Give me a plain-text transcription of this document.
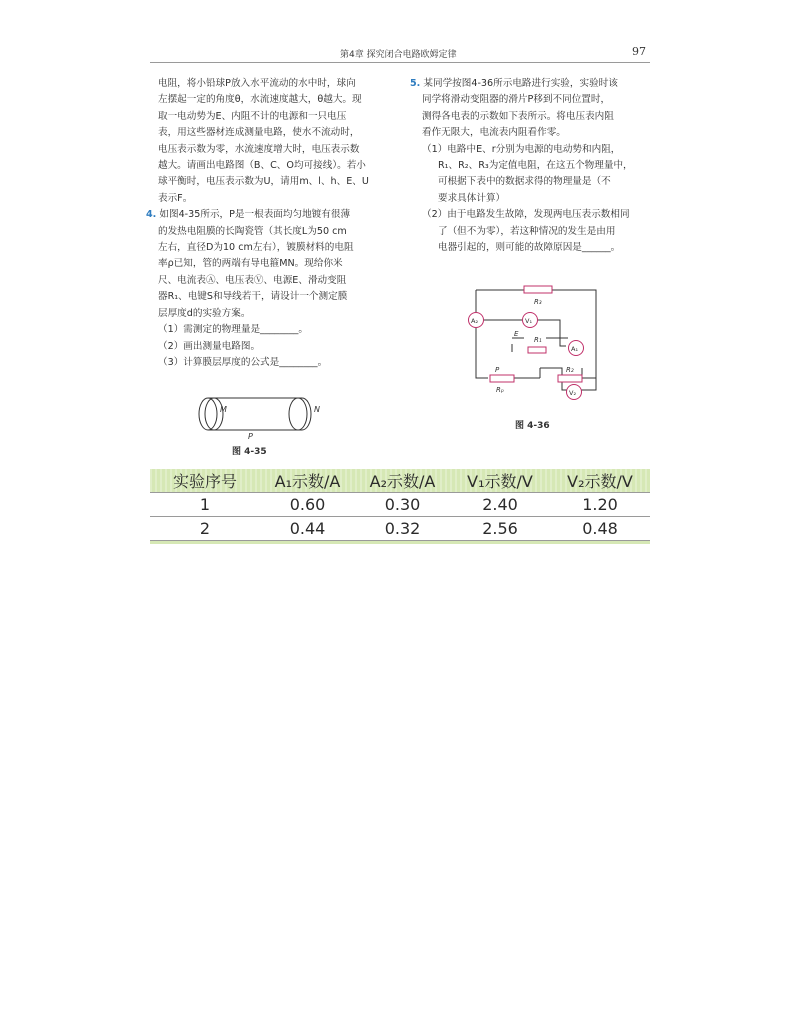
第4章 探究闭合电路欧姆定律	97

电阻，将小铅球P放入水平流动的水中时，球向

左摆起一定的角度θ，水流速度越大，θ越大。现

取一电动势为E、内阻不计的电源和一只电压

表，用这些器材连成测量电路，使水不流动时，

电压表示数为零，水流速度增大时，电压表示数

越大。请画出电路图（B、C、O均可接线）。若小

球平衡时，电压表示数为U，请用m、l、h、E、U

表示F。

4. 如图4-35所示，P是一根表面均匀地镀有很薄

的发热电阻膜的长陶瓷管（其长度L为50 cm

左右，直径D为10 cm左右），镀膜材料的电阻

率ρ已知，管的两端有导电箍MN。现给你米

尺、电流表Ⓐ、电压表Ⓥ、电源E、滑动变阻

器R₁、电键S和导线若干，请设计一个测定膜

层厚度d的实验方案。

（1）需测定的物理量是________。

（2）画出测量电路图。

（3）计算膜层厚度的公式是________。

M	N
P
图 4-35

5. 某同学按图4-36所示电路进行实验，实验时该

同学将滑动变阻器的滑片P移到不同位置时，

测得各电表的示数如下表所示。将电压表内阻

看作无限大，电流表内阻看作零。

（1）电路中E、r分别为电源的电动势和内阻，

R₁、R₂、R₃为定值电阻，在这五个物理量中，

可根据下表中的数据求得的物理量是（不

要求具体计算）

（2）由于电路发生故障，发现两电压表示数相同

了（但不为零），若这种情况的发生是由用

电器引起的，则可能的故障原因是______。

R₃
A₂	V₁
E
R₁
A₁
P
Rₚ
R₂
V₂
图 4-36
实验序号	A₁示数/A	A₂示数/A	V₁示数/V	V₂示数/V
1	0.60	0.30	2.40	1.20
2	0.44	0.32	2.56	0.48
